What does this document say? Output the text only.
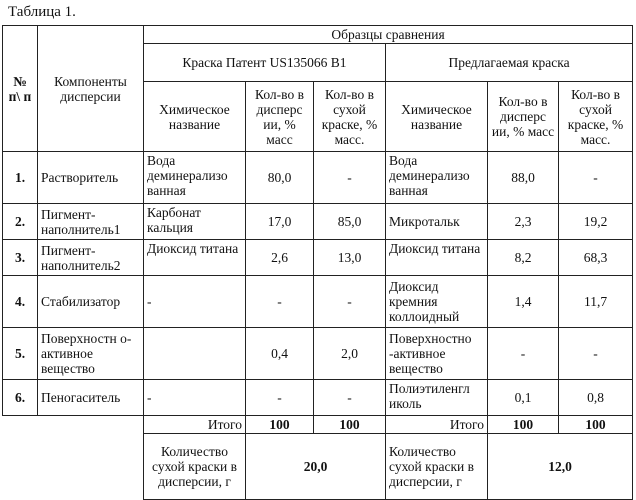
Таблица 1.
№ п\ п	Компоненты дисперсии	Образцы сравнения					
		Краска Патент US135066 B1			Предлагаемая краска		
		Химическое название	Кол-во в дисперс ии, % масс	Кол-во в сухой краске, % масс.	Химическое название	Кол-во в дисперс ии, % масс	Кол-во в сухой краске, % масс.
1.	Растворитель	Вода деминерализо ванная	80,0	-	Вода деминерализо ванная	88,0	-
2.	Пигмент-наполнитель1	Карбонат кальция	17,0	85,0	Микротальк	2,3	19,2
3.	Пигмент-наполнитель2	Диоксид титана	2,6	13,0	Диоксид титана	8,2	68,3
4.	Стабилизатор	-	-	-	Диоксид кремния коллоидный	1,4	11,7
5.	Поверхностн о-активное вещество		0,4	2,0	Поверхностно -активное вещество	-	-
6.	Пеногаситель	-	-	-	Полиэтиленгл иколь	0,1	0,8
		Итого	100	100	Итого	100	100
		Количество сухой краски в дисперсии, г	20,0		Количество сухой краски в дисперсии, г	12,0	
